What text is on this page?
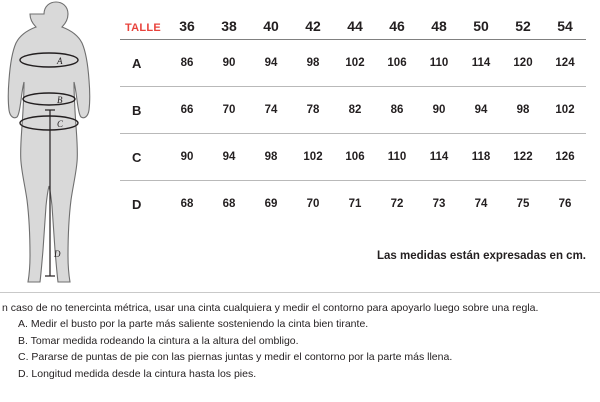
A
B
C
D
TALLE	36	38	40	42	44	46	48	50	52	54
A	86	90	94	98	102	106	110	114	120	124
B	66	70	74	78	82	86	90	94	98	102
C	90	94	98	102	106	110	114	118	122	126
D	68	68	69	70	71	72	73	74	75	76
Las medidas están expresadas en cm.
n caso de no tenercinta métrica, usar una cinta cualquiera y medir el contorno para apoyarlo luego sobre una regla.
A. Medir el busto por la parte más saliente sosteniendo la cinta bien tirante.
B. Tomar medida rodeando la cintura a la altura del ombligo.
C. Pararse de puntas de pie con las piernas juntas y medir el contorno por la parte más llena.
D. Longitud medida desde la cintura hasta los pies.
